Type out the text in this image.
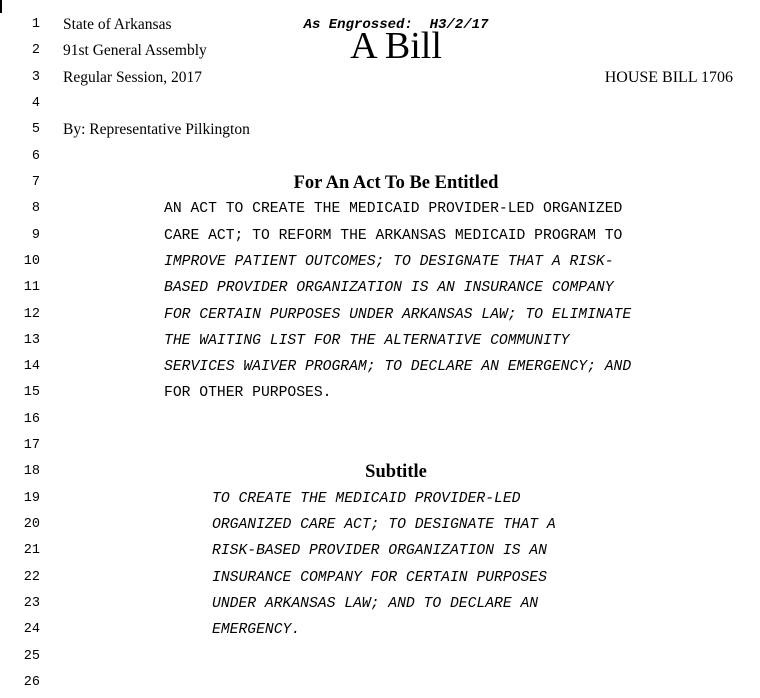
As Engrossed:  H3/2/17
A Bill
HOUSE BILL 1706
1 State of Arkansas
2 91st General Assembly
3 Regular Session, 2017
4
5 By: Representative Pilkington
6
7	For An Act To Be Entitled
8	AN ACT TO CREATE THE MEDICAID PROVIDER-LED ORGANIZED
9	CARE ACT; TO REFORM THE ARKANSAS MEDICAID PROGRAM TO
10	IMPROVE PATIENT OUTCOMES; TO DESIGNATE THAT A RISK-
11	BASED PROVIDER ORGANIZATION IS AN INSURANCE COMPANY
12	FOR CERTAIN PURPOSES UNDER ARKANSAS LAW; TO ELIMINATE
13	THE WAITING LIST FOR THE ALTERNATIVE COMMUNITY
14	SERVICES WAIVER PROGRAM; TO DECLARE AN EMERGENCY; AND
15	FOR OTHER PURPOSES.
16
17
18	Subtitle
19	TO CREATE THE MEDICAID PROVIDER-LED
20	ORGANIZED CARE ACT; TO DESIGNATE THAT A
21	RISK-BASED PROVIDER ORGANIZATION IS AN
22	INSURANCE COMPANY FOR CERTAIN PURPOSES
23	UNDER ARKANSAS LAW; AND TO DECLARE AN
24	EMERGENCY.
25
26
